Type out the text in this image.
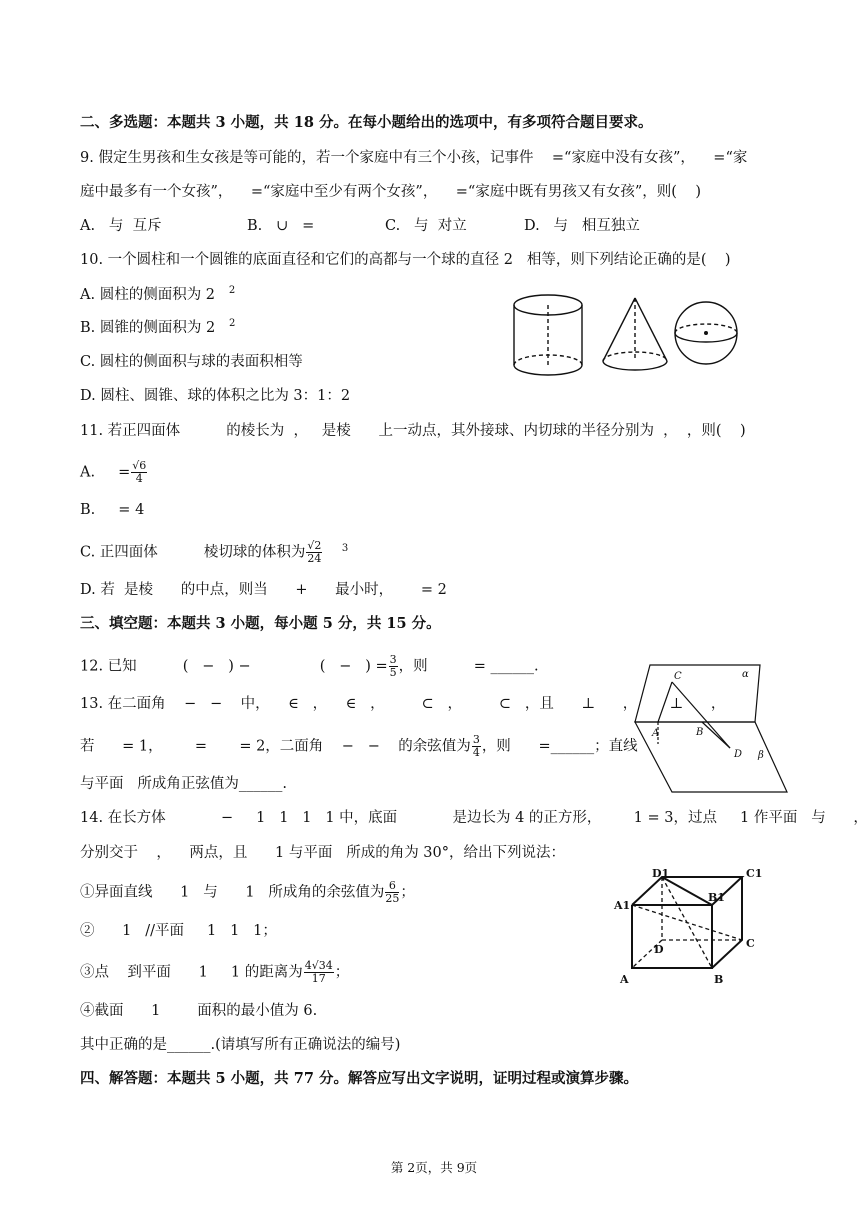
二、多选题：本题共 3 小题，共 18 分。在每小题给出的选项中，有多项符合题目要求。
9. 假定生男孩和生女孩是等可能的，若一个家庭中有三个小孩，记事件    =“家庭中没有女孩”，    =“家
庭中最多有一个女孩”，    =“家庭中至少有两个女孩”，    =“家庭中既有男孩又有女孩”，则(    )
A.   与  互斥	B.   ∪   =	C.   与  对立	D.   与   相互独立
10. 一个圆柱和一个圆锥的底面直径和它们的高都与一个球的直径 2   相等，则下列结论正确的是(    )
A. 圆柱的侧面积为 2 $^2$
B. 圆锥的侧面积为 2 $^2$
C. 圆柱的侧面积与球的表面积相等
D. 圆柱、圆锥、球的体积之比为 3：1：2
11. 若正四面体          的棱长为  ，   是棱      上一动点，其外接球、内切球的半径分别为  ，  ，则(    )
A.     = $\frac{√6}{4}$
B.     = 4
C. 正四面体          棱切球的体积为 $\frac{√2}{24} ^3$
D. 若  是棱      的中点，则当      +      最小时，      = 2
三、填空题：本题共 3 小题，每小题 5 分，共 15 分。
12. 已知          (   −   ) −               (   −   ) = $\frac{3}{5}$ ，则          = ______.
13. 在二面角    −   −    中，    ∈   ，    ∈   ，        ⊂   ，        ⊂   ，且      ⊥      ，       ⊥      ，
若      = 1，       =       = 2，二面角    −   −    的余弦值为 $\frac{3}{4}$ ，则      =______；直线
与平面   所成角正弦值为______.
C	α
A	B
D β
14. 在长方体            −     1   1   1   1 中，底面            是边长为 4 的正方形，       1 = 3，过点     1 作平面   与      ，
分别交于    ，    两点，且      1 与平面   所成的角为 30°，给出下列说法：
①异面直线      1   与      1   所成角的余弦值为 $\frac{6}{25}$ ；
②      1   //平面     1   1   1；
③点    到平面      1     1 的距离为 $\frac{4√34}{17}$ ；
④截面      1        面积的最小值为 6.
其中正确的是______.(请填写所有正确说法的编号)
D1	C1
A1
B1
D	C
A	B
四、解答题：本题共 5 小题，共 77 分。解答应写出文字说明，证明过程或演算步骤。
第 2页，共 9页
